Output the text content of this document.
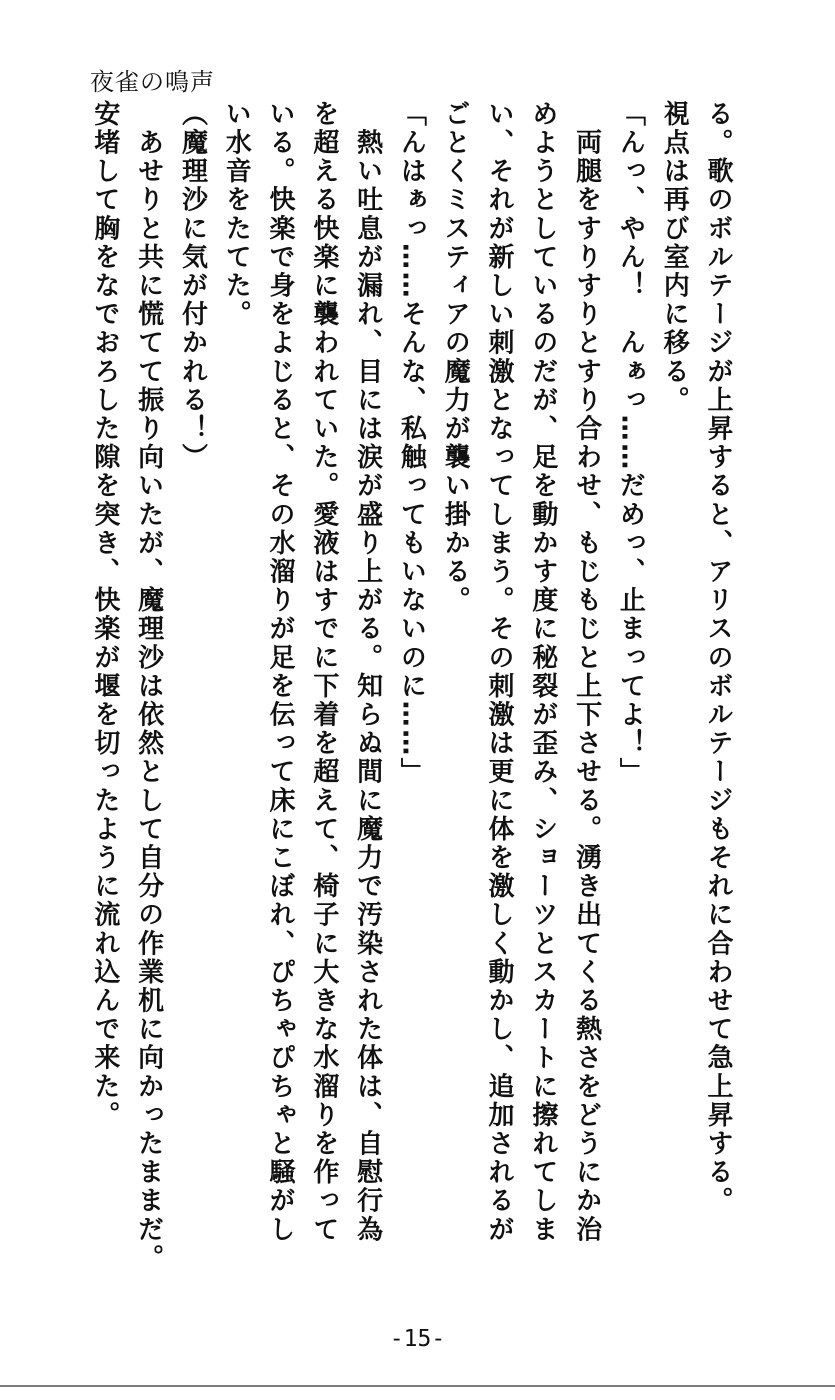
夜雀の鳴声
る。歌のボルテージが上昇すると、アリスのボルテージもそれに合わせて急上昇する。
視点は再び室内に移る。
「んっ、やん！　んぁっ……だめっ、止まってよ！」
　両腿をすりすりとすり合わせ、もじもじと上下させる。湧き出てくる熱さをどうにか治
めようとしているのだが、足を動かす度に秘裂が歪み、ショーツとスカートに擦れてしま
い、それが新しい刺激となってしまう。その刺激は更に体を激しく動かし、追加されるが
ごとくミスティアの魔力が襲い掛かる。
「んはぁっ……そんな、私触ってもいないのに……」
　熱い吐息が漏れ、目には涙が盛り上がる。知らぬ間に魔力で汚染された体は、自慰行為
を超える快楽に襲われていた。愛液はすでに下着を超えて、椅子に大きな水溜りを作って
いる。快楽で身をよじると、その水溜りが足を伝って床にこぼれ、ぴちゃぴちゃと騒がし
い水音をたてた。
（魔理沙に気が付かれる！）
　あせりと共に慌てて振り向いたが、魔理沙は依然として自分の作業机に向かったままだ。
安堵して胸をなでおろした隙を突き、快楽が堰を切ったように流れ込んで来た。
-15-
